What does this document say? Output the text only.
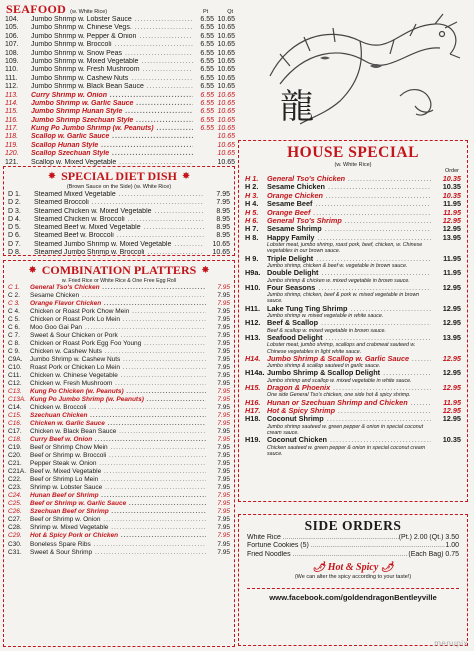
SEAFOOD (w. White Rice)	Pt	Qt
104.	Jumbo Shrimp w. Lobster Sauce .....	6.55 10.65
105.	Jumbo Shrimp w. Chinese Vegs. .....	6.55 10.65
106.	Jumbo Shrimp w. Pepper & Onion .....	6.55 10.65
107.	Jumbo Shrimp w. Broccoli .....	6.55 10.65
108.	Jumbo Shrimp w. Snow Peas .....	6.55 10.65
109.	Jumbo Shrimp w. Mixed Vegetable .....	6.55 10.65
110.	Jumbo Shrimp w. Fresh Mushroom .....	6.55 10.65
111.	Jumbo Shrimp w. Cashew Nuts .....	6.55 10.65
112.	Jumbo Shrimp w. Black Bean Sauce .....	6.55 10.65
113.	Curry Shrimp w. Onion .....	6.55 10.65
114.	Jumbo Shrimp w. Garlic Sauce .....	6.55 10.65
115.	Jumbo Shrimp Hunan Style .....	6.55 10.65
116.	Jumbo Shrimp Szechuan Style .....	6.55 10.65
117.	Kung Po Jumbo Shrimp (w. Peanuts) .....	6.55 10.65
118.	Scallop w. Garlic Sauce .....	10.65
119.	Scallop Hunan Style .....	10.65
120.	Scallop Szechuan Style .....	10.65
121.	Scallop w. Mixed Vegetable .....	10.65
✸ SPECIAL DIET DISH ✸
(Brown Sauce on the Side) (w. White Rice)
D 1.	Steamed Mixed Vegetable .....	7.95
D 2.	Steamed Broccoli .....	7.95
D 3.	Steamed Chicken w. Mixed Vegetable .....	8.95
D 4.	Steamed Chicken w. Broccoli .....	8.95
D 5.	Steamed Beef w. Mixed Vegetable .....	8.95
D 6.	Steamed Beef w. Broccoli .....	8.95
D 7.	Steamed Jumbo Shrimp w. Mixed Vegetable .....	10.65
D 8.	Steamed Jumbo Shrimp w. Broccoli .....	10.65
✸ COMBINATION PLATTERS ✸
w. Fried Rice or White Rice & One Free Egg Roll
C 1.	General Tso's Chicken .....	7.95
C 2.	Sesame Chicken .....	7.95
C 3.	Orange Flavor Chicken .....	7.95
C 4.	Chicken or Roast Pork Chow Mein .....	7.95
C 5.	Chicken or Roast Pork Lo Mein .....	7.95
C 6.	Moo Goo Gai Pan .....	7.95
C 7.	Sweet & Sour Chicken or Pork .....	7.95
C 8.	Chicken or Roast Pork Egg Foo Young .....	7.95
C 9.	Chicken w. Cashew Nuts .....	7.95
C9A.	Jumbo Shrimp w. Cashew Nuts .....	7.95
C10.	Roast Pork or Chicken Lo Mein .....	7.95
C11.	Chicken w. Chinese Vegetable .....	7.95
C12.	Chicken w. Fresh Mushroom .....	7.95
C13.	Kung Po Chicken (w. Peanuts) .....	7.95
C13A. Kung Po Jumbo Shrimp (w. Peanuts) .....	7.95
C14.	Chicken w. Broccoli .....	7.95
C15.	Szechuan Chicken .....	7.95
C16.	Chicken w. Garlic Sauce .....	7.95
C17.	Chicken w. Black Bean Sauce .....	7.95
C18.	Curry Beef w. Onion .....	7.95
C19.	Beef or Shrimp Chow Mein .....	7.95
C20.	Beef or Shrimp w. Broccoli .....	7.95
C21.	Pepper Steak w. Onion .....	7.95
C21A. Beef w. Mixed Vegetable .....	7.95
C22.	Beef or Shrimp Lo Mein .....	7.95
C23.	Shrimp w. Lobster Sauce .....	7.95
C24.	Hunan Beef or Shrimp .....	7.95
C25.	Beef or Shrimp w. Garlic Sauce .....	7.95
C26.	Szechuan Beef or Shrimp .....	7.95
C27.	Beef or Shrimp w. Onion .....	7.95
C28.	Shrimp w. Mixed Vegetable .....	7.95
C29.	Hot & Spicy Pork or Chicken .....	7.95
C30.	Boneless Spare Ribs .....	7.95
C31.	Sweet & Sour Shrimp .....	7.95
龍
HOUSE SPECIAL
(w. White Rice)
Order
H 1.	General Tso's Chicken .....	10.35
H 2.	Sesame Chicken .....	10.35
H 3.	Orange Chicken .....	10.35
H 4.	Sesame Beef .....	11.95
H 5.	Orange Beef .....	11.95
H 6.	General Tso's Shrimp .....	12.95
H 7.	Sesame Shrimp .....	12.95
H 8.	Happy Family .....	13.95
Lobster meat, jumbo shrimp, roast pork, beef, chicken, w. Chinese vegetables in our brown sauce.
H 9.	Triple Delight .....	11.95
Jumbo shrimp, chicken & beef w. vegetable in brown sauce.
H9a. Double Delight .....	11.95
Jumbo shrimp & chicken w. mixed vegetable in brown sauce.
H10. Four Seasons .....	12.95
Jumbo shrimp, chicken, beef & pork w. mixed vegetable in brown sauce.
H11. Lake Tung Ting Shrimp .....	12.95
Jumbo shrimp w. mixed vegetable in white sauce.
H12. Beef & Scallop .....	12.95
Beef & scallop w. mixed vegetable in brown sauce.
H13. Seafood Delight .....	13.95
Lobster meat, jumbo shrimp, scallops and crabmeat sauteed w. Chinese vegetables in light white sauce.
H14. Jumbo Shrimp & Scallop w. Garlic Sauce .....	12.95
Jumbo shrimp & scallop sauteed in garlic sauce.
H14a. Jumbo Shrimp & Scallop Delight .....	12.95
Jumbo shrimp and scallop w. mixed vegetable in white sauce.
H15. Dragon & Phoenix .....	12.95
One side General Tso's chicken, one side hot & spicy shrimp.
H16. Hunan or Szechuan Shrimp and Chicken .....	11.95
H17. Hot & Spicy Shrimp .....	12.95
H18. Coconut Shrimp .....	12.95
Jumbo shrimp sauteed w. green pepper & onion in special coconut cream sauce.
H19. Coconut Chicken .....	10.35
Chicken sauteed w. green pepper & onion in special coconut cream sauce.
SIDE ORDERS
White Rice .....	(Pt.) 2.00 (Qt.) 3.50
Fortune Cookies (5) .....	1.00
Fried Noodles .....	(Each Bag) 0.75
🌶 Hot & Spicy 🌶
(We can alter the spicy according to your taste!)
www.facebook.com/goldendragonBentleyville
menupix
